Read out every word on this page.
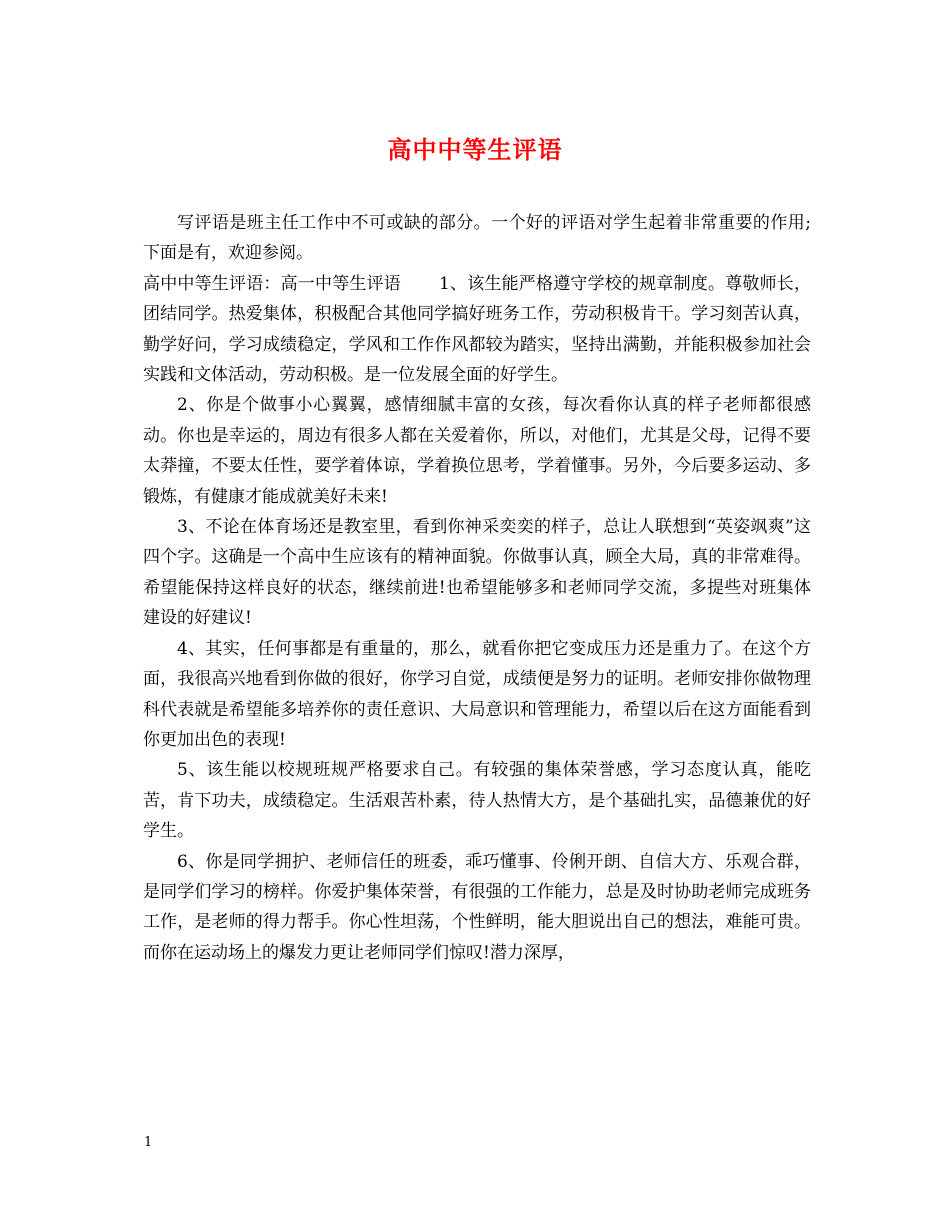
高中中等生评语

写评语是班主任工作中不可或缺的部分。一个好的评语对学生起着非常重要的作用;下面是有，欢迎参阅。

高中中等生评语：高一中等生评语 1、该生能严格遵守学校的规章制度。尊敬师长，团结同学。热爱集体，积极配合其他同学搞好班务工作，劳动积极肯干。学习刻苦认真，勤学好问，学习成绩稳定，学风和工作作风都较为踏实，坚持出满勤，并能积极参加社会实践和文体活动，劳动积极。是一位发展全面的好学生。

2、你是个做事小心翼翼，感情细腻丰富的女孩，每次看你认真的样子老师都很感动。你也是幸运的，周边有很多人都在关爱着你，所以，对他们，尤其是父母，记得不要太莽撞，不要太任性，要学着体谅，学着换位思考，学着懂事。另外，今后要多运动、多锻炼，有健康才能成就美好未来!

3、不论在体育场还是教室里，看到你神采奕奕的样子，总让人联想到“英姿飒爽”这四个字。这确是一个高中生应该有的精神面貌。你做事认真，顾全大局，真的非常难得。希望能保持这样良好的状态，继续前进!也希望能够多和老师同学交流，多提些对班集体建设的好建议!

4、其实，任何事都是有重量的，那么，就看你把它变成压力还是重力了。在这个方面，我很高兴地看到你做的很好，你学习自觉，成绩便是努力的证明。老师安排你做物理科代表就是希望能多培养你的责任意识、大局意识和管理能力，希望以后在这方面能看到你更加出色的表现!

5、该生能以校规班规严格要求自己。有较强的集体荣誉感，学习态度认真，能吃苦，肯下功夫，成绩稳定。生活艰苦朴素，待人热情大方，是个基础扎实，品德兼优的好学生。

6、你是同学拥护、老师信任的班委，乖巧懂事、伶俐开朗、自信大方、乐观合群，是同学们学习的榜样。你爱护集体荣誉，有很强的工作能力，总是及时协助老师完成班务工作，是老师的得力帮手。你心性坦荡，个性鲜明，能大胆说出自己的想法，难能可贵。而你在运动场上的爆发力更让老师同学们惊叹!潜力深厚，

1
